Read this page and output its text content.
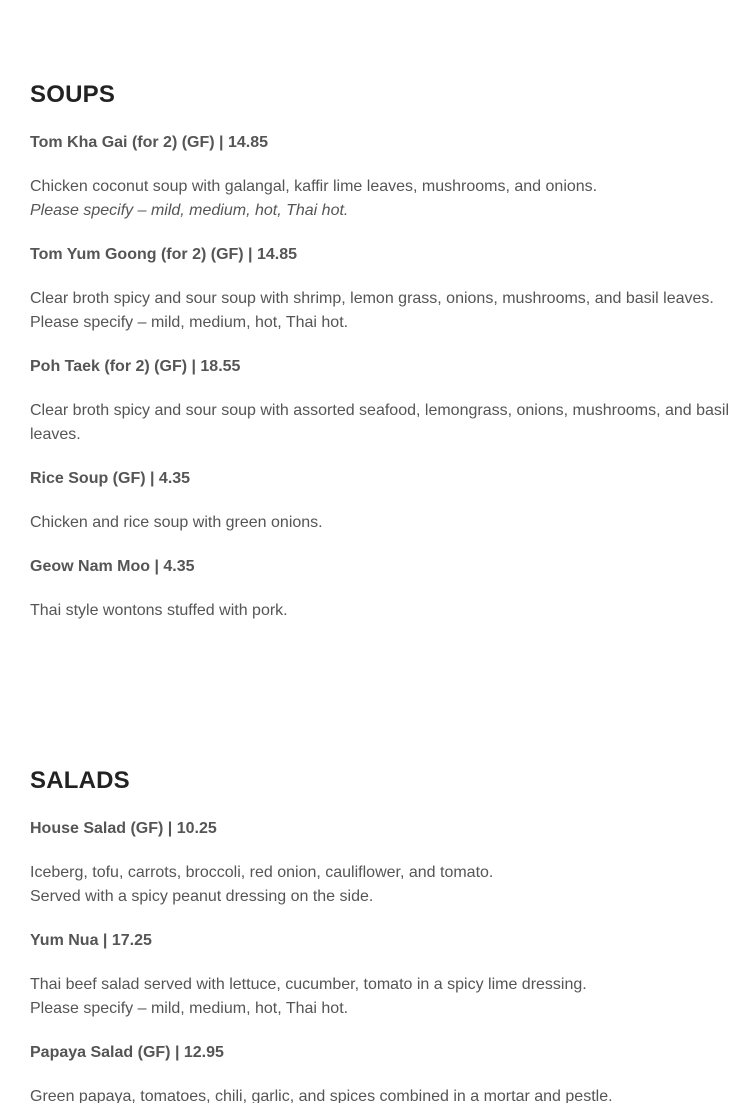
SOUPS

Tom Kha Gai (for 2) (GF) | 14.85

Chicken coconut soup with galangal, kaffir lime leaves, mushrooms, and onions.
Please specify – mild, medium, hot, Thai hot.

Tom Yum Goong (for 2) (GF) | 14.85

Clear broth spicy and sour soup with shrimp, lemon grass, onions, mushrooms, and basil leaves.
Please specify – mild, medium, hot, Thai hot.

Poh Taek (for 2) (GF) | 18.55

Clear broth spicy and sour soup with assorted seafood, lemongrass, onions, mushrooms, and basil leaves.

Rice Soup (GF) | 4.35

Chicken and rice soup with green onions.

Geow Nam Moo | 4.35

Thai style wontons stuffed with pork.

SALADS

House Salad (GF) | 10.25

Iceberg, tofu, carrots, broccoli, red onion, cauliflower, and tomato.
Served with a spicy peanut dressing on the side.

Yum Nua | 17.25

Thai beef salad served with lettuce, cucumber, tomato in a spicy lime dressing.
Please specify – mild, medium, hot, Thai hot.

Papaya Salad (GF) | 12.95

Green papaya, tomatoes, chili, garlic, and spices combined in a mortar and pestle.
